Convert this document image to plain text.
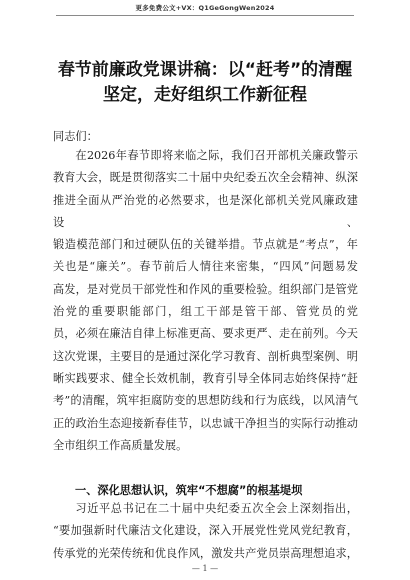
更多免费公文+VX：Q1GeGongWen2024
春节前廉政党课讲稿：以“赶考”的清醒
坚定，走好组织工作新征程
同志们：

在2026年春节即将来临之际，我们召开部机关廉政警示

教育大会，既是贯彻落实二十届中央纪委五次全会精神、纵深

推进全面从严治党的必然要求，也是深化部机关党风廉政建设、

锻造模范部门和过硬队伍的关键举措。节点就是“考点”，年

关也是“廉关”。春节前后人情往来密集，“四风”问题易发

高发，是对党员干部党性和作风的重要检验。组织部门是管党

治党的重要职能部门，组工干部是管干部、管党员的党

员，必须在廉洁自律上标准更高、要求更严、走在前列。今天

这次党课，主要目的是通过深化学习教育、剖析典型案例、明

晰实践要求、健全长效机制，教育引导全体同志始终保持“赶

考”的清醒，筑牢拒腐防变的思想防线和行为底线，以风清气

正的政治生态迎接新春佳节，以忠诚干净担当的实际行动推动

全市组织工作高质量发展。

一、深化思想认识，筑牢“不想腐”的根基堤坝

习近平总书记在二十届中央纪委五次全会上深刻指出，

“要加强新时代廉洁文化建设，深入开展党性党风党纪教育，

传承党的光荣传统和优良作风，激发共产党员崇高理想追求，

— 1 —
